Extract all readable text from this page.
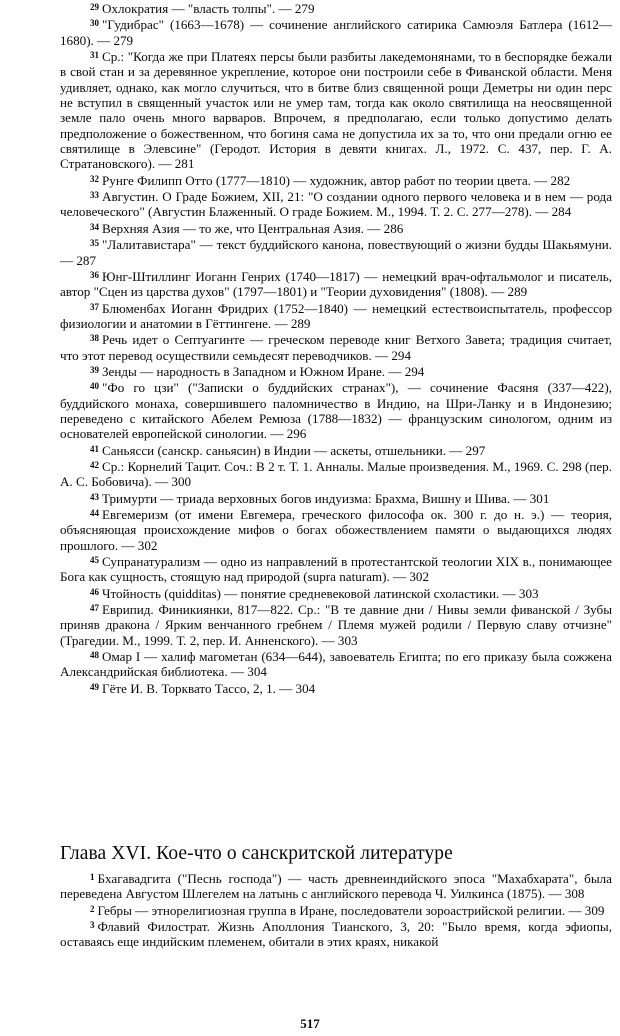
$^{29}$ Охлократия — "власть толпы". — 279

$^{30}$ "Гудибрас" (1663—1678) — сочинение английского сатирика Самюэля Батлера (1612—1680). — 279

$^{31}$ Ср.: "Когда же при Платеях персы были разбиты лакедемонянами, то в беспорядке бежали в свой стан и за деревянное укрепление, которое они построили себе в Фиванской области. Меня удивляет, однако, как могло случиться, что в битве близ священной рощи Деметры ни один перс не вступил в священный участок или не умер там, тогда как около святилища на неосвященной земле пало очень много варваров. Впрочем, я предполагаю, если только допустимо делать предположение о божественном, что богиня сама не допустила их за то, что они предали огню ее святилище в Элевсине" (Геродот. История в девяти книгах. Л., 1972. С. 437, пер. Г. А. Стратановского). — 281

$^{32}$ Рунге Филипп Отто (1777—1810) — художник, автор работ по теории цвета. — 282

$^{33}$ Августин. О Граде Божием, XII, 21: "О создании одного первого человека и в нем — рода человеческого" (Августин Блаженный. О граде Божием. М., 1994. Т. 2. С. 277—278). — 284

$^{34}$ Верхняя Азия — то же, что Центральная Азия. — 286

$^{35}$ "Лалитавистара" — текст буддийского канона, повествующий о жизни будды Шакьямуни. — 287

$^{36}$ Юнг-Штиллинг Иоганн Генрих (1740—1817) — немецкий врач-офтальмолог и писатель, автор "Сцен из царства духов" (1797—1801) и "Теории духовидения" (1808). — 289

$^{37}$ Блюменбах Иоганн Фридрих (1752—1840) — немецкий естествоиспытатель, профессор физиологии и анатомии в Гёттингене. — 289

$^{38}$ Речь идет о Септуагинте — греческом переводе книг Ветхого Завета; традиция считает, что этот перевод осуществили семьдесят переводчиков. — 294

$^{39}$ Зенды — народность в Западном и Южном Иране. — 294

$^{40}$ "Фо го цзи" ("Записки о буддийских странах"), — сочинение Фасяня (337—422), буддийского монаха, совершившего паломничество в Индию, на Шри-Ланку и в Индонезию; переведено с китайского Абелем Ремюза (1788—1832) — французским синологом, одним из основателей европейской синологии. — 296

$^{41}$ Саньясси (санскр. саньясин) в Индии — аскеты, отшельники. — 297

$^{42}$ Ср.: Корнелий Тацит. Соч.: В 2 т. Т. 1. Анналы. Малые произведения. М., 1969. С. 298 (пер. А. С. Бобовича). — 300

$^{43}$ Тримурти — триада верховных богов индуизма: Брахма, Вишну и Шива. — 301

$^{44}$ Евгемеризм (от имени Евгемера, греческого философа ок. 300 г. до н. э.) — теория, объясняющая происхождение мифов о богах обожествлением памяти о выдающихся людях прошлого. — 302

$^{45}$ Супранатурализм — одно из направлений в протестантской теологии XIX в., понимающее Бога как сущность, стоящую над природой (supra naturam). — 302

$^{46}$ Чтойность (quidditas) — понятие средневековой латинской схоластики. — 303

$^{47}$ Еврипид. Финикиянки, 817—822. Ср.: "В те давние дни / Нивы земли фиванской / Зубы приняв дракона / Ярким венчанного гребнем / Племя мужей родили / Первую славу отчизне" (Трагедии. М., 1999. Т. 2, пер. И. Анненского). — 303

$^{48}$ Омар I — халиф магометан (634—644), завоеватель Египта; по его приказу была сожжена Александрийская библиотека. — 304

$^{49}$ Гёте И. В. Торквато Тассо, 2, 1. — 304

Глава XVI. Кое-что о санскритской литературе

$^1$ Бхагавадгита ("Песнь господа") — часть древнеиндийского эпоса "Махабхарата", была переведена Августом Шлегелем на латынь с английского перевода Ч. Уилкинса (1875). — 308

$^2$ Гебры — этнорелигиозная группа в Иране, последователи зороастрийской религии. — 309

$^3$ Флавий Филострат. Жизнь Аполлония Тианского, 3, 20: "Было время, когда эфиопы, оставаясь еще индийским племенем, обитали в этих краях, никакой

517
